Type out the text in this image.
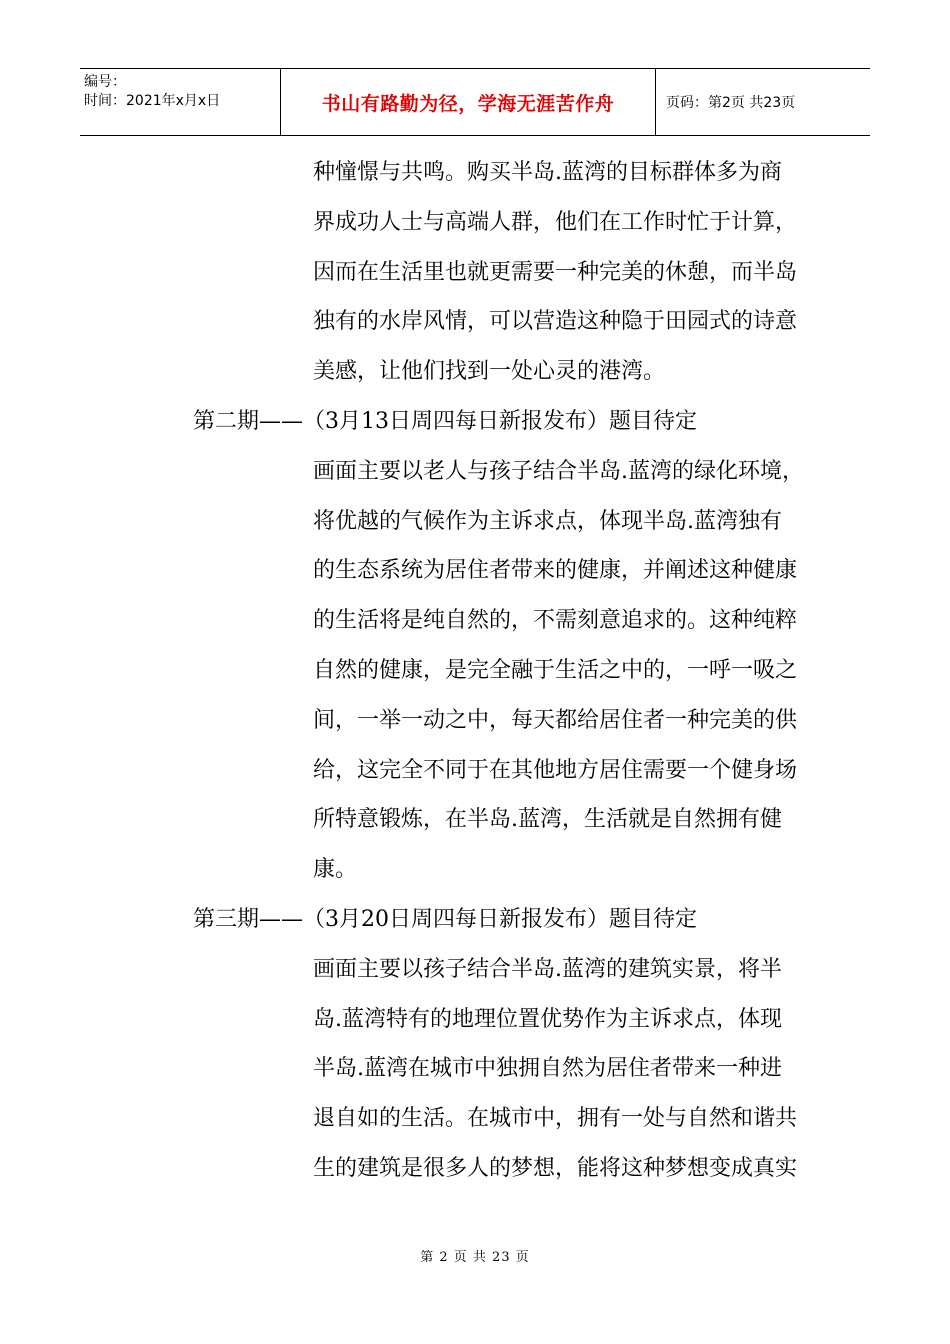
编号：
时间：2021年x月x日	书山有路勤为径，学海无涯苦作舟	页码：第2页 共23页
种憧憬与共鸣。购买半岛.蓝湾的目标群体多为商
界成功人士与高端人群，他们在工作时忙于计算，
因而在生活里也就更需要一种完美的休憩，而半岛
独有的水岸风情，可以营造这种隐于田园式的诗意
美感，让他们找到一处心灵的港湾。
第二期——（3月13日周四每日新报发布）题目待定
画面主要以老人与孩子结合半岛.蓝湾的绿化环境，
将优越的气候作为主诉求点，体现半岛.蓝湾独有
的生态系统为居住者带来的健康，并阐述这种健康
的生活将是纯自然的，不需刻意追求的。这种纯粹
自然的健康，是完全融于生活之中的，一呼一吸之
间，一举一动之中，每天都给居住者一种完美的供
给，这完全不同于在其他地方居住需要一个健身场
所特意锻炼，在半岛.蓝湾，生活就是自然拥有健
康。
第三期——（3月20日周四每日新报发布）题目待定
画面主要以孩子结合半岛.蓝湾的建筑实景，将半
岛.蓝湾特有的地理位置优势作为主诉求点，体现
半岛.蓝湾在城市中独拥自然为居住者带来一种进
退自如的生活。在城市中，拥有一处与自然和谐共
生的建筑是很多人的梦想，能将这种梦想变成真实
第 2 页 共 23 页
